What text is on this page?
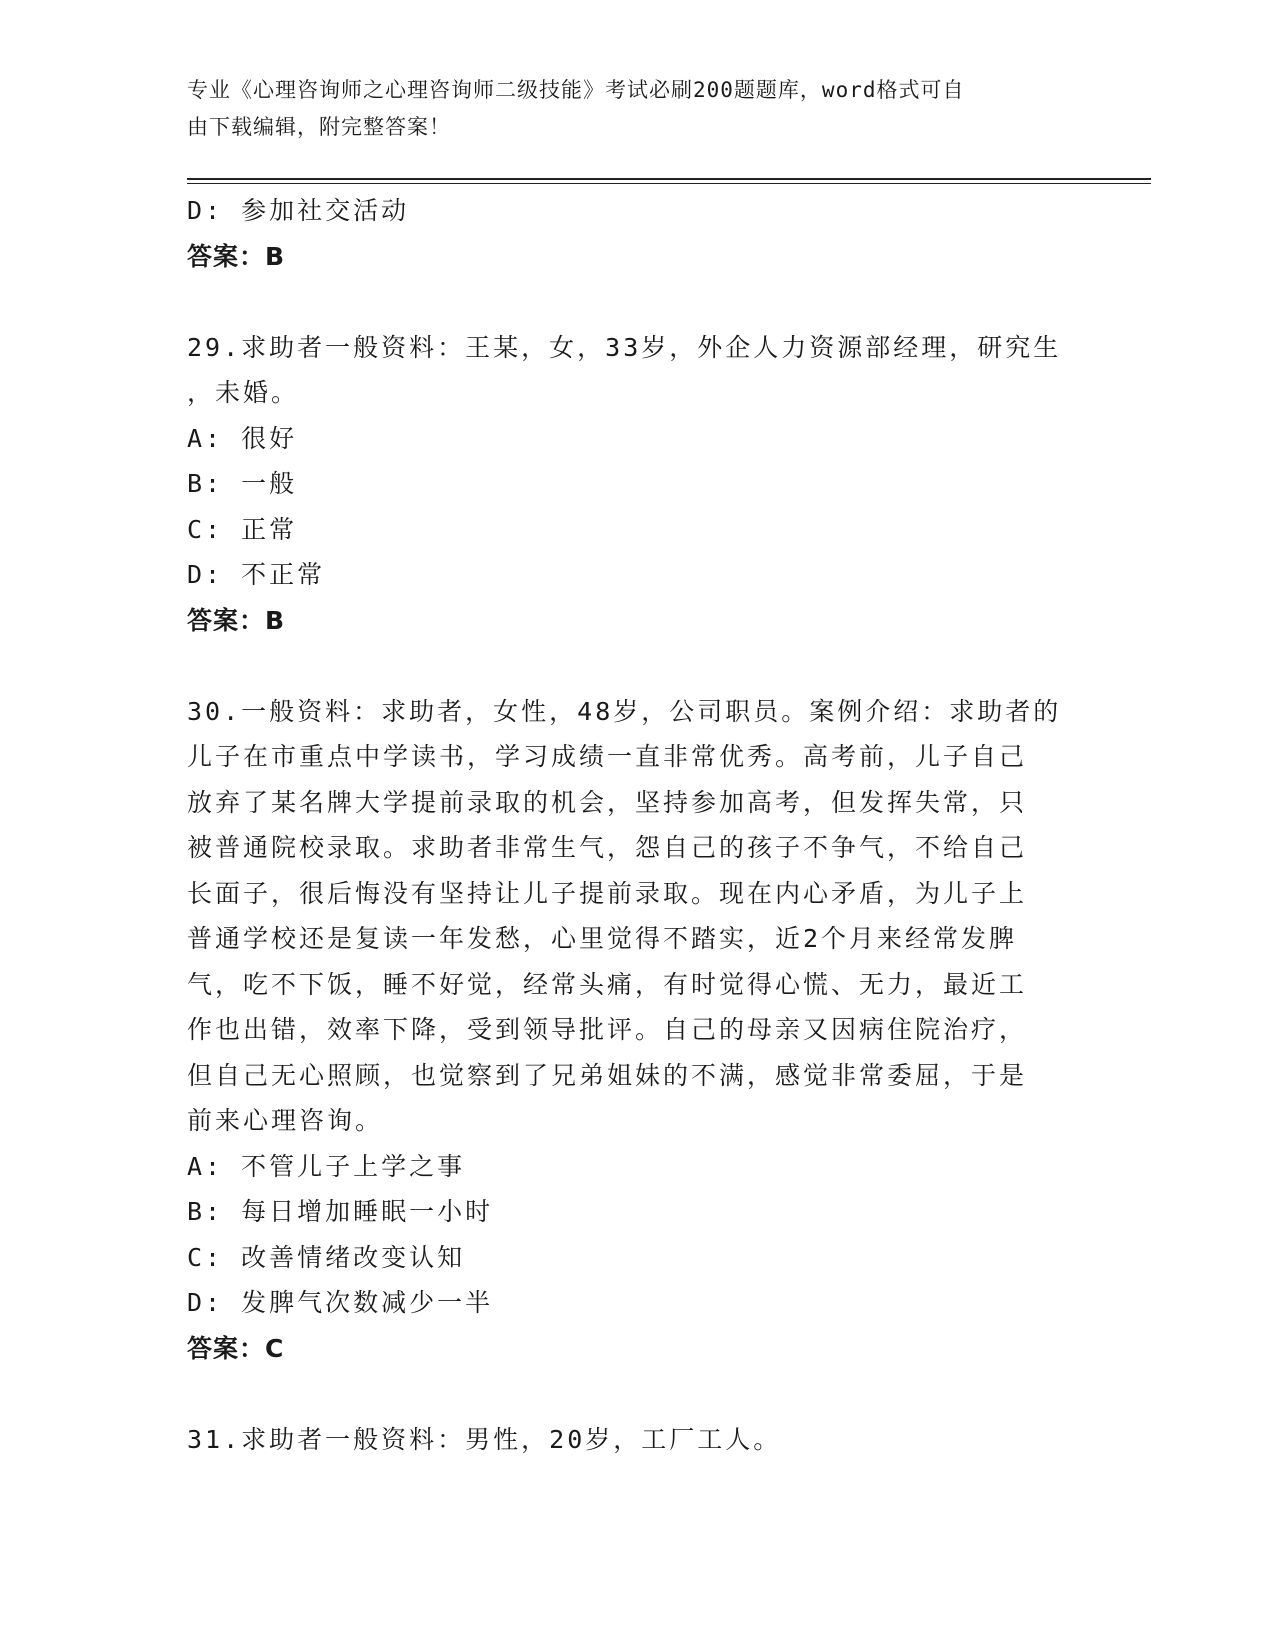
专业《心理咨询师之心理咨询师二级技能》考试必刷200题题库，word格式可自
由下载编辑，附完整答案！
D: 参加社交活动
答案：B
29.求助者一般资料：王某，女，33岁，外企人力资源部经理，研究生
，未婚。
A: 很好
B: 一般
C: 正常
D: 不正常
答案：B
30.一般资料：求助者，女性，48岁，公司职员。案例介绍：求助者的
儿子在市重点中学读书，学习成绩一直非常优秀。高考前，儿子自己
放弃了某名牌大学提前录取的机会，坚持参加高考，但发挥失常，只
被普通院校录取。求助者非常生气，怨自己的孩子不争气，不给自己
长面子，很后悔没有坚持让儿子提前录取。现在内心矛盾，为儿子上
普通学校还是复读一年发愁，心里觉得不踏实，近2个月来经常发脾
气，吃不下饭，睡不好觉，经常头痛，有时觉得心慌、无力，最近工
作也出错，效率下降，受到领导批评。自己的母亲又因病住院治疗，
但自己无心照顾，也觉察到了兄弟姐妹的不满，感觉非常委屈，于是
前来心理咨询。
A: 不管儿子上学之事
B: 每日增加睡眠一小时
C: 改善情绪改变认知
D: 发脾气次数减少一半
答案：C
31.求助者一般资料：男性，20岁，工厂工人。
